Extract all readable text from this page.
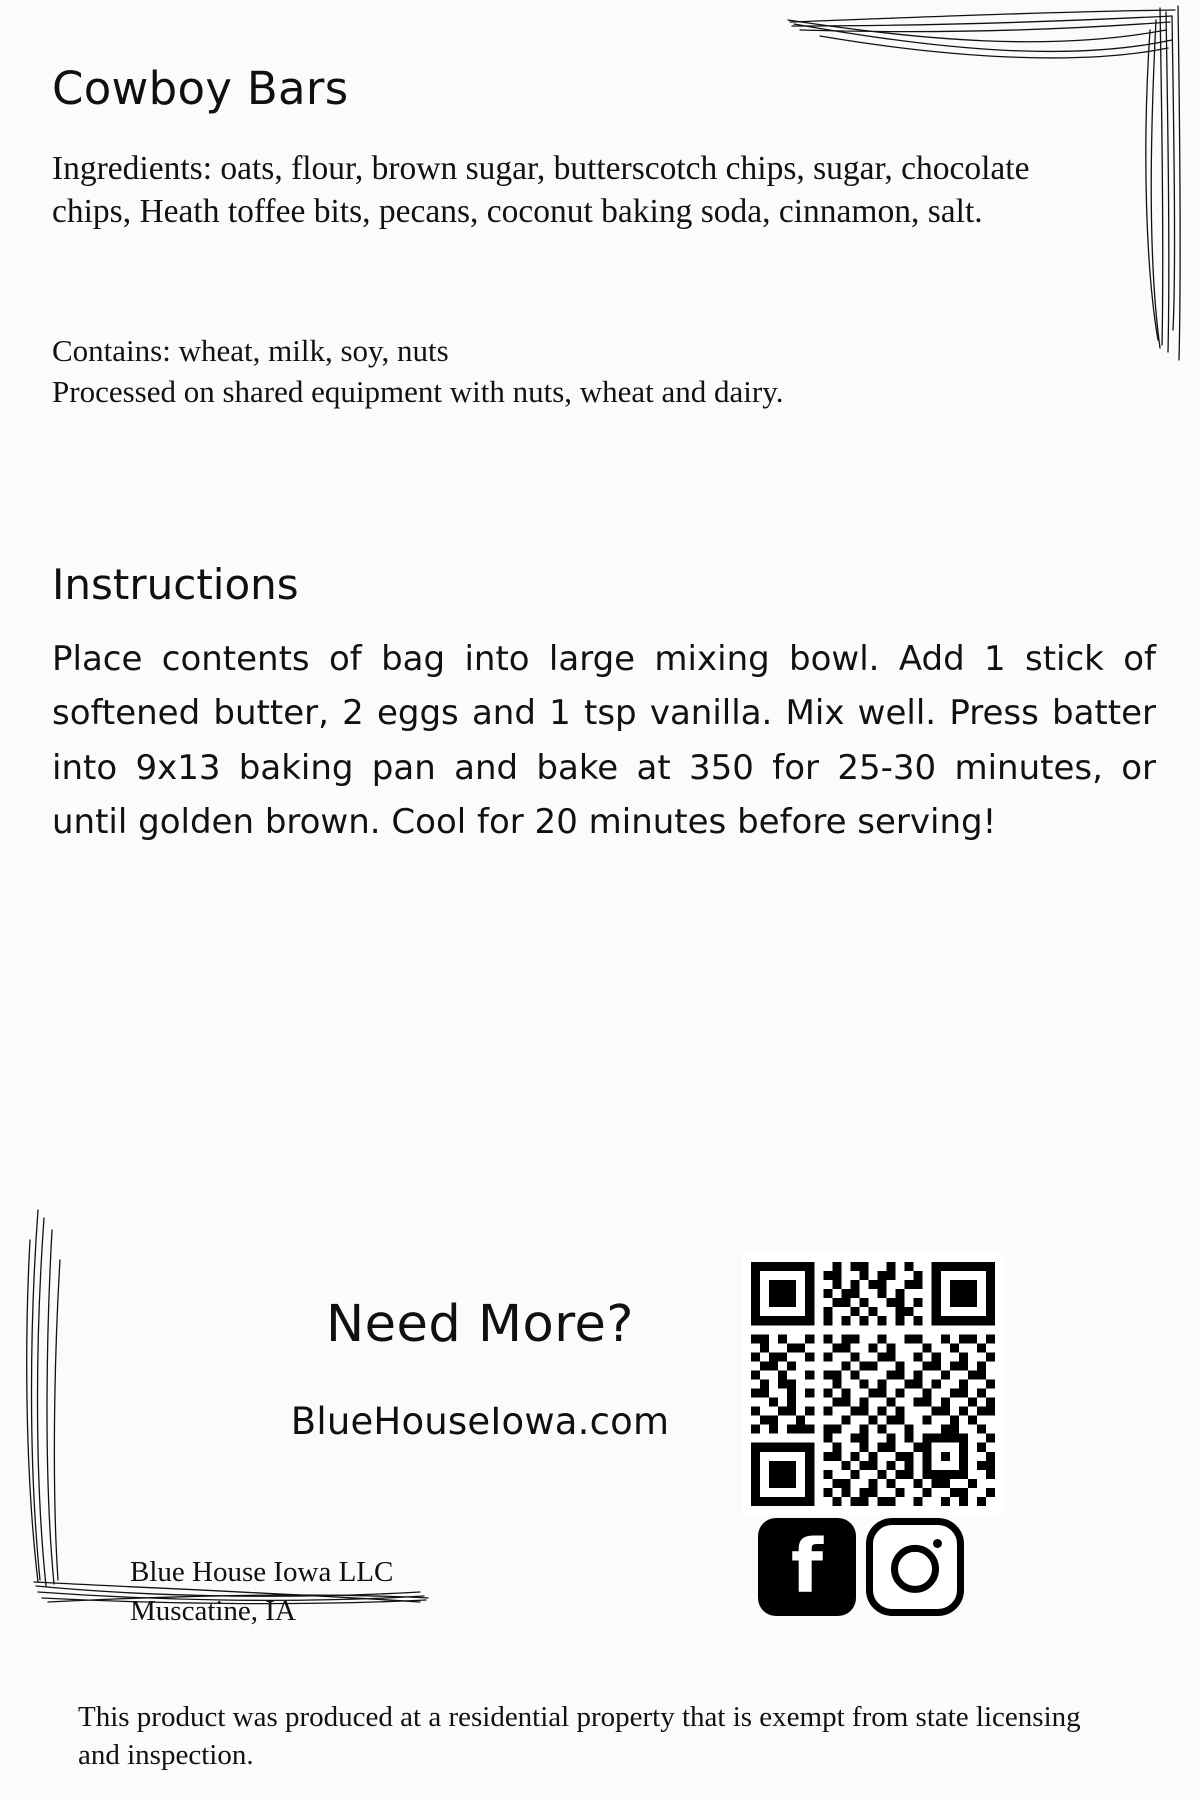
Cowboy Bars
Ingredients: oats, flour, brown sugar, butterscotch chips, sugar, chocolate chips, Heath toffee bits, pecans, coconut baking soda, cinnamon, salt.
Contains: wheat, milk, soy, nuts
Processed on shared equipment with nuts, wheat and dairy.
Instructions
Place contents of bag into large mixing bowl. Add 1 stick of softened butter, 2 eggs and 1 tsp vanilla. Mix well. Press batter into 9x13 baking pan and bake at 350 for 25-30 minutes, or until golden brown. Cool for 20 minutes before serving!
Need More?
BlueHouseIowa.com
f
Blue House Iowa LLC
Muscatine, IA
This product was produced at a residential property that is exempt from state licensing and inspection.
